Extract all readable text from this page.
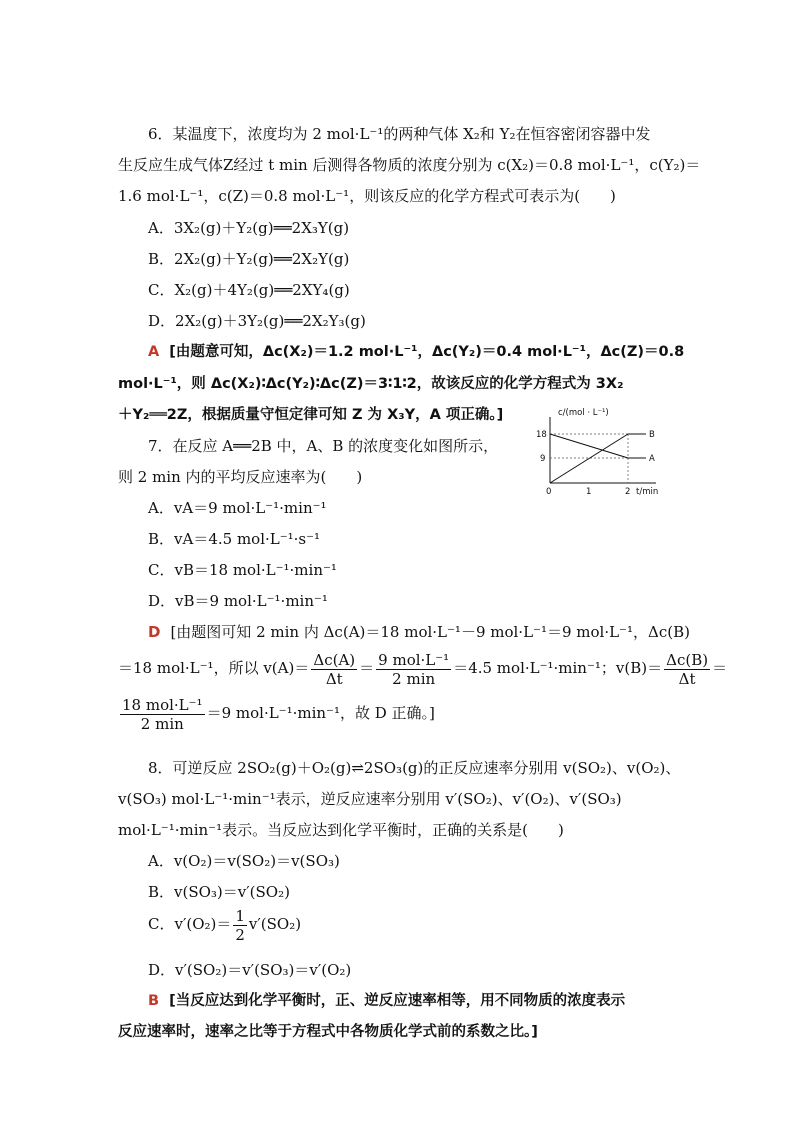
6．某温度下，浓度均为 2 mol·L⁻¹的两种气体 X₂和 Y₂在恒容密闭容器中发
生反应生成气体Z经过 t min 后测得各物质的浓度分别为 c(X₂)＝0.8 mol·L⁻¹，c(Y₂)＝
1.6 mol·L⁻¹，c(Z)＝0.8 mol·L⁻¹，则该反应的化学方程式可表示为(　　)
A．3X₂(g)＋Y₂(g)══2X₃Y(g)
B．2X₂(g)＋Y₂(g)══2X₂Y(g)
C．X₂(g)＋4Y₂(g)══2XY₄(g)
D．2X₂(g)＋3Y₂(g)══2X₂Y₃(g)
A [由题意可知，Δc(X₂)＝1.2 mol·L⁻¹，Δc(Y₂)＝0.4 mol·L⁻¹，Δc(Z)＝0.8
mol·L⁻¹，则 Δc(X₂)∶Δc(Y₂)∶Δc(Z)＝3∶1∶2，故该反应的化学方程式为 3X₂
＋Y₂══2Z，根据质量守恒定律可知 Z 为 X₃Y，A 项正确。]
7．在反应 A══2B 中，A、B 的浓度变化如图所示，
则 2 min 内的平均反应速率为(　　)
A．vA＝9 mol·L⁻¹·min⁻¹
B．vA＝4.5 mol·L⁻¹·s⁻¹
C．vB＝18 mol·L⁻¹·min⁻¹
D．vB＝9 mol·L⁻¹·min⁻¹
c/(mol · L⁻¹)
B
A
18
9
0	1	2 t/min
D [由题图可知 2 min 内 Δc(A)＝18 mol·L⁻¹－9 mol·L⁻¹＝9 mol·L⁻¹，Δc(B)
＝18 mol·L⁻¹，所以 $v(A)= \frac{\Delta c(A)}{\Delta t} = \frac{\text{9 mol·L⁻¹}}{2 \min} =4.5$ mol·L⁻¹·min⁻¹；$v(B)= \frac{\Delta c(B)}{\Delta t}$ ＝
$\frac{\text{18 mol·L⁻¹}}{2 \min} =9$ mol·L⁻¹·min⁻¹，故 D 正确。]
8．可逆反应 2SO₂(g)＋O₂(g)⇌2SO₃(g)的正反应速率分别用 v(SO₂)、v(O₂)、
v(SO₃) mol·L⁻¹·min⁻¹表示，逆反应速率分别用 v′(SO₂)、v′(O₂)、v′(SO₃)
mol·L⁻¹·min⁻¹表示。当反应达到化学平衡时，正确的关系是(　　)
A．v(O₂)＝v(SO₂)＝v(SO₃)
B．v(SO₃)＝v′(SO₂)
C．$v'(O_2)= \frac{1}{2} v'(SO_2)$
D．v′(SO₂)＝v′(SO₃)＝v′(O₂)
B [当反应达到化学平衡时，正、逆反应速率相等，用不同物质的浓度表示
反应速率时，速率之比等于方程式中各物质化学式前的系数之比。]
